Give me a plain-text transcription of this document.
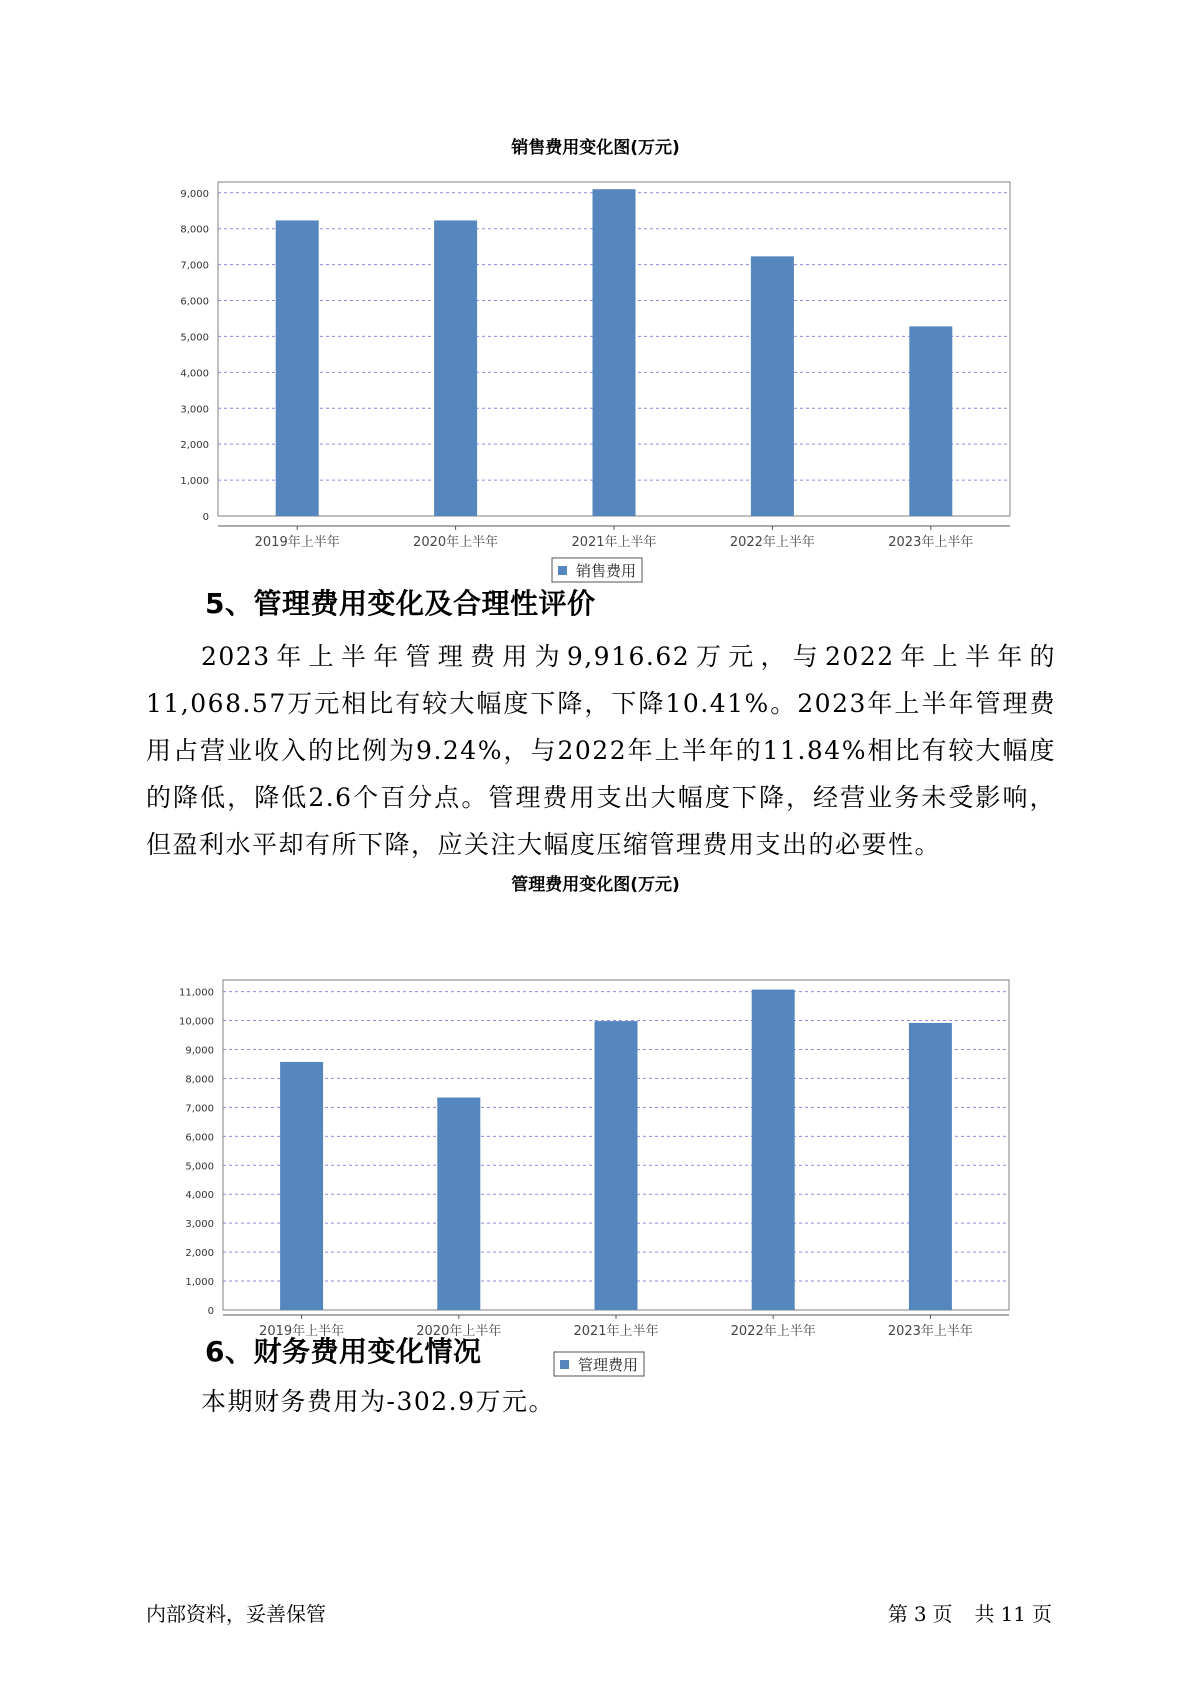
销售费用变化图(万元)
0
1,000
2,000
3,000
4,000
5,000
6,000
7,000
8,000
9,000
2019年上半年	2020年上半年	2021年上半年	2022年上半年	2023年上半年
销售费用
5、管理费用变化及合理性评价

2023年上半年管理费用为9,916.62万元，与2022年上半年的11,068.57万元相比有较大幅度下降，下降10.41%。2023年上半年管理费用占营业收入的比例为9.24%，与2022年上半年的11.84%相比有较大幅度的降低，降低2.6个百分点。管理费用支出大幅度下降，经营业务未受影响，但盈利水平却有所下降，应关注大幅度压缩管理费用支出的必要性。

管理费用变化图(万元)
0
1,000
2,000
3,000
4,000
5,000
6,000
7,000
8,000
9,000
10,000
11,000
2019年上半年	2020年上半年	2021年上半年	2022年上半年	2023年上半年
管理费用
6、财务费用变化情况

本期财务费用为-302.9万元。

内部资料，妥善保管	第 3 页 共 11 页
